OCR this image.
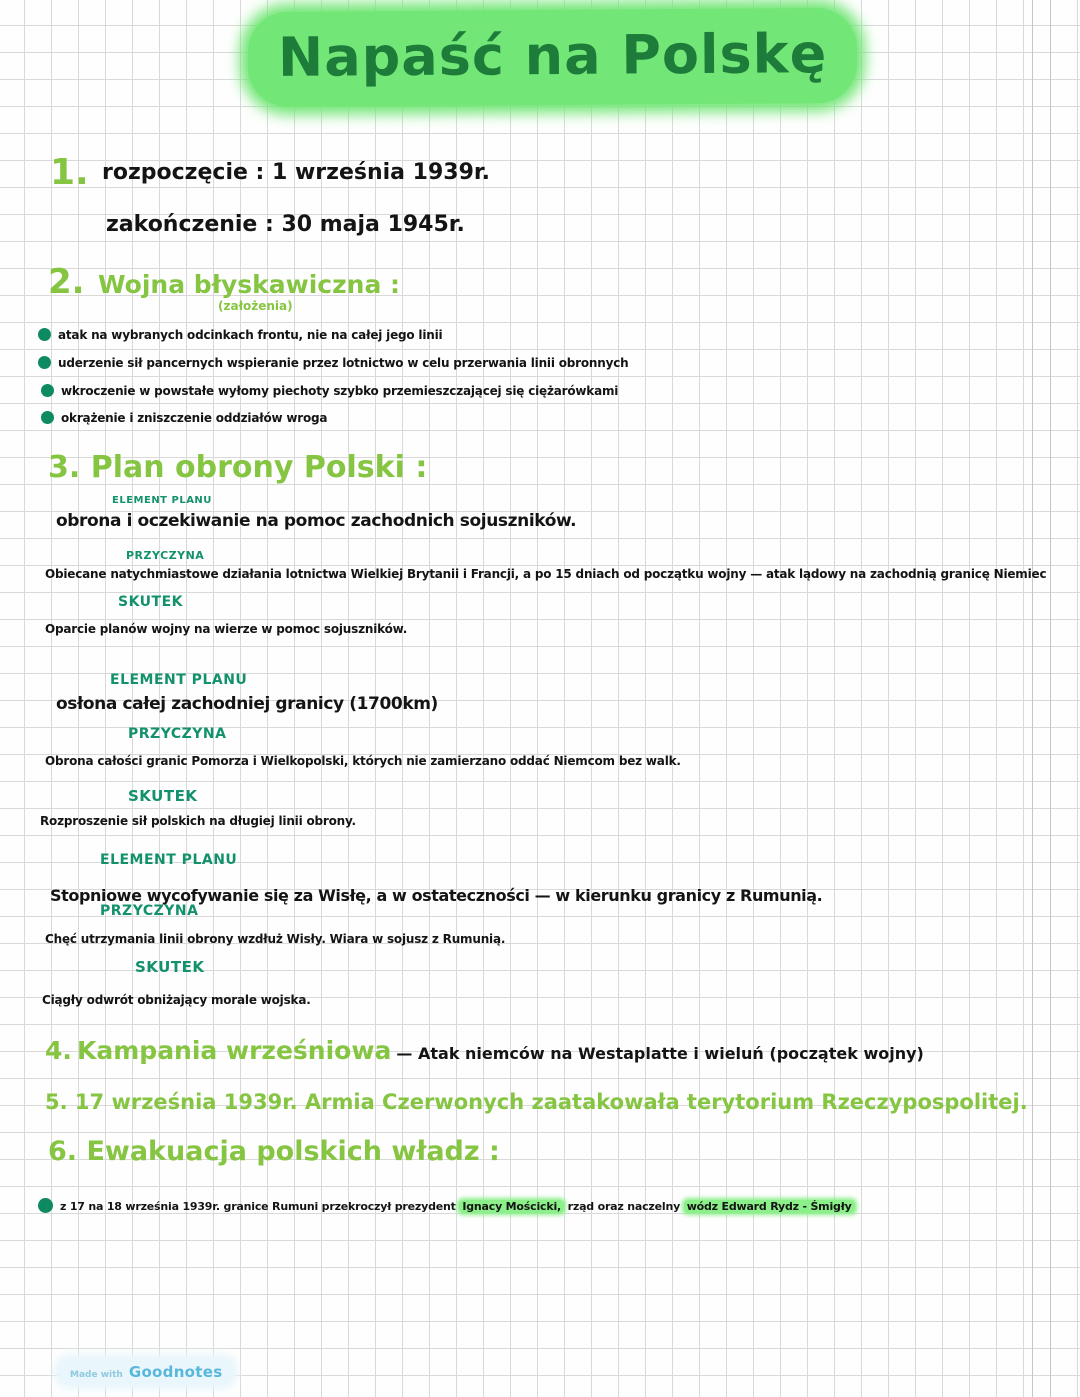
Napaść na Polskę
1. rozpoczęcie : 1 września 1939r.
zakończenie : 30 maja 1945r.
2. Wojna błyskawiczna :
(założenia)
atak na wybranych odcinkach frontu, nie na całej jego linii
uderzenie sił pancernych wspieranie przez lotnictwo w celu przerwania linii obronnych
wkroczenie w powstałe wyłomy piechoty szybko przemieszczającej się ciężarówkami
okrążenie i zniszczenie oddziałów wroga
3. Plan obrony Polski :
ELEMENT PLANU
obrona i oczekiwanie na pomoc zachodnich sojuszników.
PRZYCZYNA
Obiecane natychmiastowe działania lotnictwa Wielkiej Brytanii i Francji, a po 15 dniach od początku wojny — atak lądowy na zachodnią granicę Niemiec
SKUTEK
Oparcie planów wojny na wierze w pomoc sojuszników.
ELEMENT PLANU
osłona całej zachodniej granicy (1700km)
PRZYCZYNA
Obrona całości granic Pomorza i Wielkopolski, których nie zamierzano oddać Niemcom bez walk.
SKUTEK
Rozproszenie sił polskich na długiej linii obrony.
ELEMENT PLANU
Stopniowe wycofywanie się za Wisłę, a w ostateczności — w kierunku granicy z Rumunią.
PRZYCZYNA
Chęć utrzymania linii obrony wzdłuż Wisły. Wiara w sojusz z Rumunią.
SKUTEK
Ciągły odwrót obniżający morale wojska.
4. Kampania wrześniowa — Atak niemców na Westaplatte i wieluń (początek wojny)
5. 17 września 1939r. Armia Czerwonych zaatakowała terytorium Rzeczypospolitej.
6. Ewakuacja polskich władz :
z 17 na 18 września 1939r. granice Rumuni przekroczył prezydent Ignacy Mościcki, rząd oraz naczelny wódz Edward Rydz - Śmigły
Made with Goodnotes
